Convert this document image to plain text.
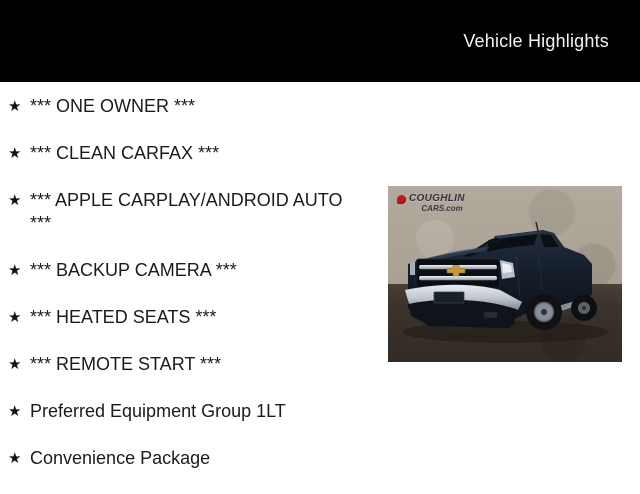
Vehicle Highlights
★ *** ONE OWNER ***
★ *** CLEAN CARFAX ***
★ *** APPLE CARPLAY/ANDROID AUTO ***
★ *** BACKUP CAMERA ***
★ *** HEATED SEATS ***
★ *** REMOTE START ***
★ Preferred Equipment Group 1LT
★ Convenience Package
COUGHLIN
CARS.com
